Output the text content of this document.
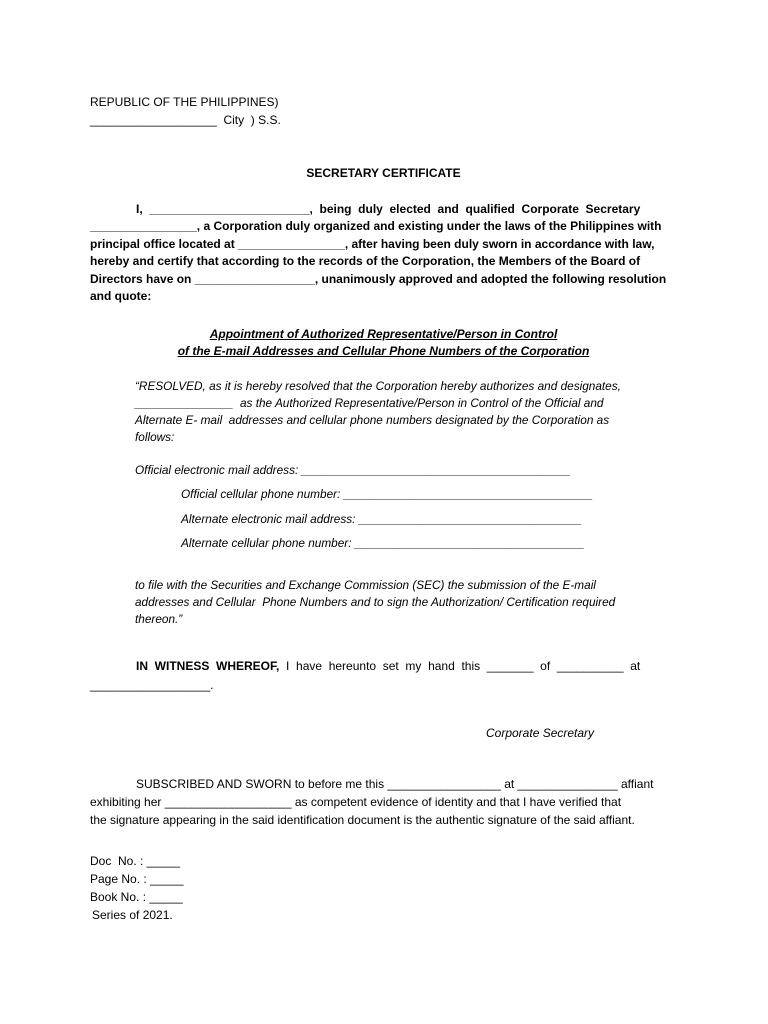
REPUBLIC OF THE PHILIPPINES)
___________________  City  ) S.S.
SECRETARY CERTIFICATE
I,  ________________________,  being  duly  elected  and  qualified  Corporate  Secretary
________________, a Corporation duly organized and existing under the laws of the Philippines with
principal office located at ________________, after having been duly sworn in accordance with law,
hereby and certify that according to the records of the Corporation, the Members of the Board of
Directors have on __________________, unanimously approved and adopted the following resolution
and quote:
Appointment of Authorized Representative/Person in Control
of the E-mail Addresses and Cellular Phone Numbers of the Corporation
“RESOLVED, as it is hereby resolved that the Corporation hereby authorizes and designates,
_______________  as the Authorized Representative/Person in Control of the Official and
Alternate E- mail  addresses and cellular phone numbers designated by the Corporation as
follows:
Official electronic mail address: _________________________________________
Official cellular phone number: ______________________________________
Alternate electronic mail address: __________________________________
Alternate cellular phone number: ___________________________________
to file with the Securities and Exchange Commission (SEC) the submission of the E-mail
addresses and Cellular  Phone Numbers and to sign the Authorization/ Certification required
thereon.”
IN  WITNESS  WHEREOF,  I  have  hereunto  set  my  hand  this  _______  of  __________  at
__________________.
Corporate Secretary
SUBSCRIBED AND SWORN to before me this _________________ at _______________ affiant
exhibiting her ___________________ as competent evidence of identity and that I have verified that
the signature appearing in the said identification document is the authentic signature of the said affiant.
Doc  No. : _____
Page No. : _____
Book No. : _____
Series of 2021.
